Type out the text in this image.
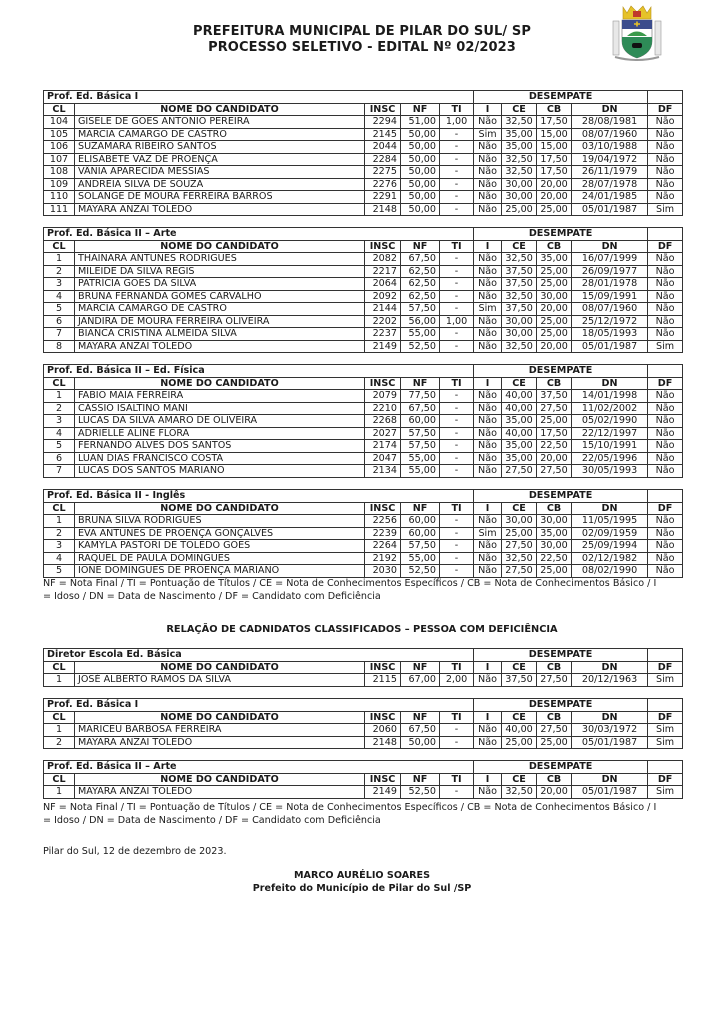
PREFEITURA MUNICIPAL DE PILAR DO SUL/ SP
PROCESSO SELETIVO - EDITAL Nº 02/2023
Prof. Ed. Básica I					DESEMPATE				
CL	NOME DO CANDIDATO	INSC	NF	TI	I	CE	CB	DN	DF
104	GISELE DE GÓES ANTÔNIO PEREIRA	2294	51,00	1,00	Não	32,50	17,50	28/08/1981	Não
105	MARCIA CAMARGO DE CASTRO	2145	50,00	-	Sim	35,00	15,00	08/07/1960	Não
106	SUZAMARA RIBEIRO SANTOS	2044	50,00	-	Não	35,00	15,00	03/10/1988	Não
107	ELISABETE VAZ DE PROENÇA	2284	50,00	-	Não	32,50	17,50	19/04/1972	Não
108	VÂNIA APARECIDA MESSIAS	2275	50,00	-	Não	32,50	17,50	26/11/1979	Não
109	ANDREIA SILVA DE SOUZA	2276	50,00	-	Não	30,00	20,00	28/07/1978	Não
110	SOLANGE DE MOURA FERREIRA BARROS	2291	50,00	-	Não	30,00	20,00	24/01/1985	Não
111	MAYARA ANZAI TOLEDO	2148	50,00	-	Não	25,00	25,00	05/01/1987	Sim
Prof. Ed. Básica II – Arte					DESEMPATE				
CL	NOME DO CANDIDATO	INSC	NF	TI	I	CE	CB	DN	DF
1	THAINARA ANTUNES RODRIGUES	2082	67,50	-	Não	32,50	35,00	16/07/1999	Não
2	MILEIDE DA SILVA REGIS	2217	62,50	-	Não	37,50	25,00	26/09/1977	Não
3	PATRÍCIA GOES DA SILVA	2064	62,50	-	Não	37,50	25,00	28/01/1978	Não
4	BRUNA FERNANDA GOMES CARVALHO	2092	62,50	-	Não	32,50	30,00	15/09/1991	Não
5	MARCIA CAMARGO DE CASTRO	2144	57,50	-	Sim	37,50	20,00	08/07/1960	Não
6	JANDIRA DE MOURA FERREIRA OLIVEIRA	2202	56,00	1,00	Não	30,00	25,00	25/12/1972	Não
7	BIANCA CRISTINA ALMEIDA SILVA	2237	55,00	-	Não	30,00	25,00	18/05/1993	Não
8	MAYARA ANZAI TOLEDO	2149	52,50	-	Não	32,50	20,00	05/01/1987	Sim
Prof. Ed. Básica II – Ed. Física					DESEMPATE				
CL	NOME DO CANDIDATO	INSC	NF	TI	I	CE	CB	DN	DF
1	FABIO MAIA FERREIRA	2079	77,50	-	Não	40,00	37,50	14/01/1998	Não
2	CÁSSIO ISALTINO MANI	2210	67,50	-	Não	40,00	27,50	11/02/2002	Não
3	LUCAS DA SILVA AMARO DE OLIVEIRA	2268	60,00	-	Não	35,00	25,00	05/02/1990	Não
4	ADRIELLE ALINE FLORA	2027	57,50	-	Não	40,00	17,50	22/12/1997	Não
5	FERNANDO ALVES DOS SANTOS	2174	57,50	-	Não	35,00	22,50	15/10/1991	Não
6	LUAN DIAS FRANCISCO COSTA	2047	55,00	-	Não	35,00	20,00	22/05/1996	Não
7	LUCAS DOS SANTOS MARIANO	2134	55,00	-	Não	27,50	27,50	30/05/1993	Não
Prof. Ed. Básica II - Inglês					DESEMPATE				
CL	NOME DO CANDIDATO	INSC	NF	TI	I	CE	CB	DN	DF
1	BRUNA SILVA RODRIGUES	2256	60,00	-	Não	30,00	30,00	11/05/1995	Não
2	EVA ANTUNES DE PROENÇA GONÇALVES	2239	60,00	-	Sim	25,00	35,00	02/09/1959	Não
3	KAMYLA PASTORI DE TOLEDO GOES	2264	57,50	-	Não	27,50	30,00	25/09/1994	Não
4	RAQUEL DE PAULA DOMINGUES	2192	55,00	-	Não	32,50	22,50	02/12/1982	Não
5	IONE DOMINGUES DE PROENÇA MARIANO	2030	52,50	-	Não	27,50	25,00	08/02/1990	Não
Diretor Escola Ed. Básica					DESEMPATE				
CL	NOME DO CANDIDATO	INSC	NF	TI	I	CE	CB	DN	DF
1	JOSÉ ALBERTO RAMOS DA SILVA	2115	67,00	2,00	Não	37,50	27,50	20/12/1963	Sim
Prof. Ed. Básica I					DESEMPATE				
CL	NOME DO CANDIDATO	INSC	NF	TI	I	CE	CB	DN	DF
1	MARICEU BARBOSA FERREIRA	2060	67,50	-	Não	40,00	27,50	30/03/1972	Sim
2	MAYARA ANZAI TOLEDO	2148	50,00	-	Não	25,00	25,00	05/01/1987	Sim
Prof. Ed. Básica II – Arte					DESEMPATE				
CL	NOME DO CANDIDATO	INSC	NF	TI	I	CE	CB	DN	DF
1	MAYARA ANZAI TOLEDO	2149	52,50	-	Não	32,50	20,00	05/01/1987	Sim
NF = Nota Final / TI = Pontuação de Títulos / CE = Nota de Conhecimentos Específicos / CB = Nota de Conhecimentos Básico / I
= Idoso / DN = Data de Nascimento / DF = Candidato com Deficiência
RELAÇÃO DE CADNIDATOS CLASSIFICADOS – PESSOA COM DEFICIÊNCIA
NF = Nota Final / TI = Pontuação de Títulos / CE = Nota de Conhecimentos Específicos / CB = Nota de Conhecimentos Básico / I
= Idoso / DN = Data de Nascimento / DF = Candidato com Deficiência
Pilar do Sul, 12 de dezembro de 2023.
MARCO AURÉLIO SOARES
Prefeito do Município de Pilar do Sul /SP
